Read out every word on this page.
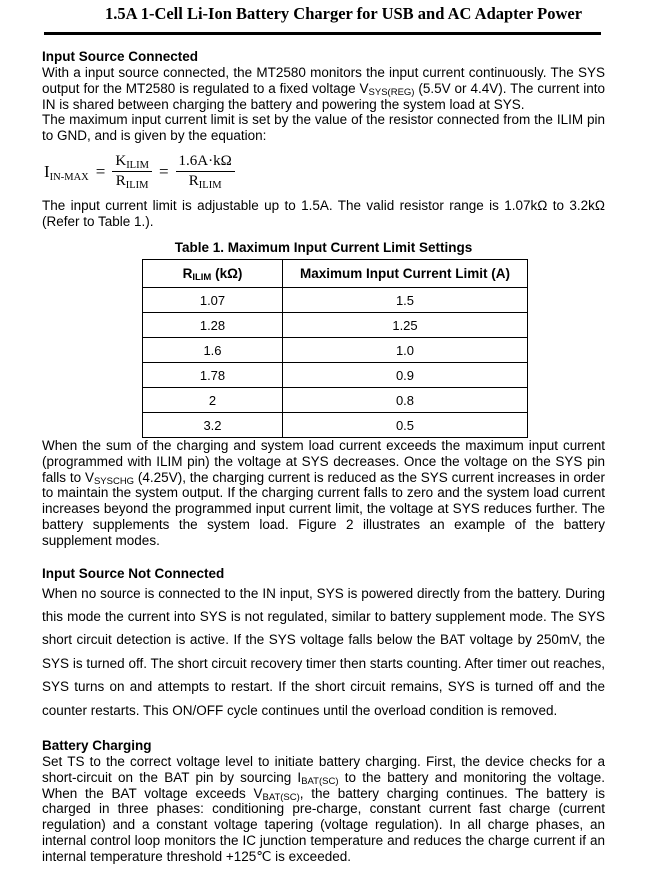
1.5A 1-Cell Li-Ion Battery Charger for USB and AC Adapter Power
Input Source Connected

With a input source connected, the MT2580 monitors the input current continuously. The SYS output for the MT2580 is regulated to a fixed voltage $V_{SYS(REG)}$ (5.5V or 4.4V). The current into IN is shared between charging the battery and powering the system load at SYS.

The maximum input current limit is set by the value of the resistor connected from the ILIM pin to GND, and is given by the equation:

$I_{IN-MAX} = \frac{K_{ILIM}}{R_{ILIM}} = \frac{1.6A\cdot k\Omega}{R_{ILIM}}$

The input current limit is adjustable up to 1.5A. The valid resistor range is 1.07kΩ to 3.2kΩ (Refer to Table 1.).

Table 1. Maximum Input Current Limit Settings
$R_{ILIM}$ (kΩ)	Maximum Input Current Limit (A)
1.07	1.5
1.28	1.25
1.6	1.0
1.78	0.9
2	0.8
3.2	0.5

When the sum of the charging and system load current exceeds the maximum input current (programmed with ILIM pin) the voltage at SYS decreases. Once the voltage on the SYS pin falls to $V_{SYSCHG}$ (4.25V), the charging current is reduced as the SYS current increases in order to maintain the system output. If the charging current falls to zero and the system load current increases beyond the programmed input current limit, the voltage at SYS reduces further. The battery supplements the system load. Figure 2 illustrates an example of the battery supplement modes.

Input Source Not Connected

When no source is connected to the IN input, SYS is powered directly from the battery. During this mode the current into SYS is not regulated, similar to battery supplement mode. The SYS short circuit detection is active. If the SYS voltage falls below the BAT voltage by 250mV, the SYS is turned off. The short circuit recovery timer then starts counting. After timer out reaches, SYS turns on and attempts to restart. If the short circuit remains, SYS is turned off and the counter restarts. This ON/OFF cycle continues until the overload condition is removed.

Battery Charging

Set TS to the correct voltage level to initiate battery charging. First, the device checks for a short-circuit on the BAT pin by sourcing $I_{BAT(SC)}$ to the battery and monitoring the voltage. When the BAT voltage exceeds $V_{BAT(SC)}$, the battery charging continues. The battery is charged in three phases: conditioning pre-charge, constant current fast charge (current regulation) and a constant voltage tapering (voltage regulation). In all charge phases, an internal control loop monitors the IC junction temperature and reduces the charge current if an internal temperature threshold +125℃ is exceeded.
